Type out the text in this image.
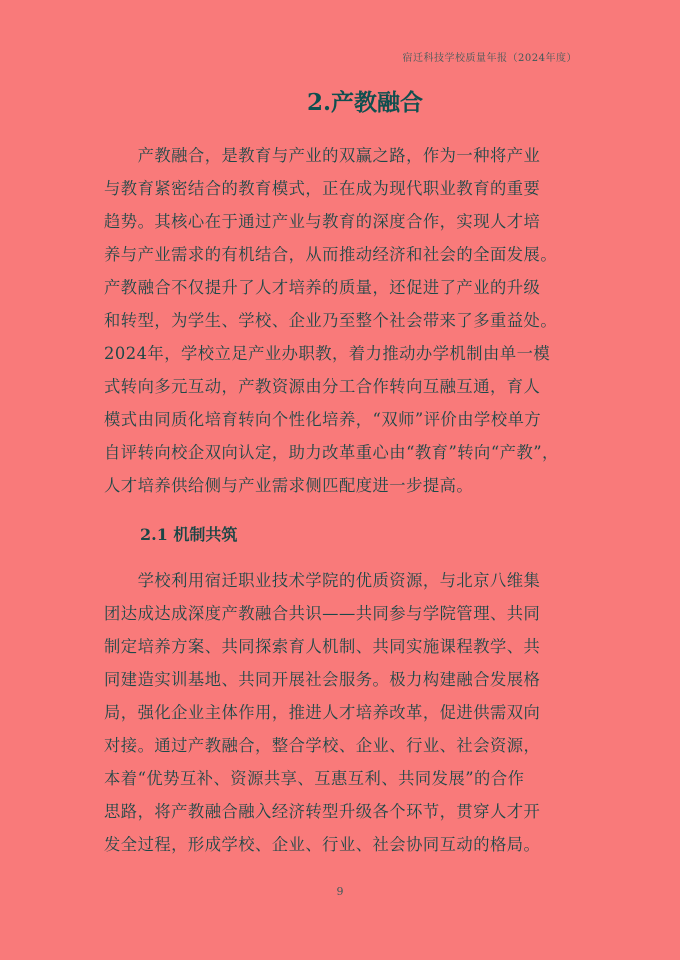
宿迁科技学校质量年报（2024年度）
2.产教融合
　　产教融合，是教育与产业的双赢之路，作为一种将产业
与教育紧密结合的教育模式，正在成为现代职业教育的重要
趋势。其核心在于通过产业与教育的深度合作，实现人才培
养与产业需求的有机结合，从而推动经济和社会的全面发展。
产教融合不仅提升了人才培养的质量，还促进了产业的升级
和转型，为学生、学校、企业乃至整个社会带来了多重益处。
2024年，学校立足产业办职教，着力推动办学机制由单一模
式转向多元互动，产教资源由分工合作转向互融互通，育人
模式由同质化培育转向个性化培养，“双师”评价由学校单方
自评转向校企双向认定，助力改革重心由“教育”转向“产教”，
人才培养供给侧与产业需求侧匹配度进一步提高。
2.1 机制共筑
　　学校利用宿迁职业技术学院的优质资源，与北京八维集
团达成达成深度产教融合共识——共同参与学院管理、共同
制定培养方案、共同探索育人机制、共同实施课程教学、共
同建造实训基地、共同开展社会服务。极力构建融合发展格
局，强化企业主体作用，推进人才培养改革，促进供需双向
对接。通过产教融合，整合学校、企业、行业、社会资源，
本着“优势互补、资源共享、互惠互利、共同发展”的合作
思路，将产教融合融入经济转型升级各个环节，贯穿人才开
发全过程，形成学校、企业、行业、社会协同互动的格局。
9
